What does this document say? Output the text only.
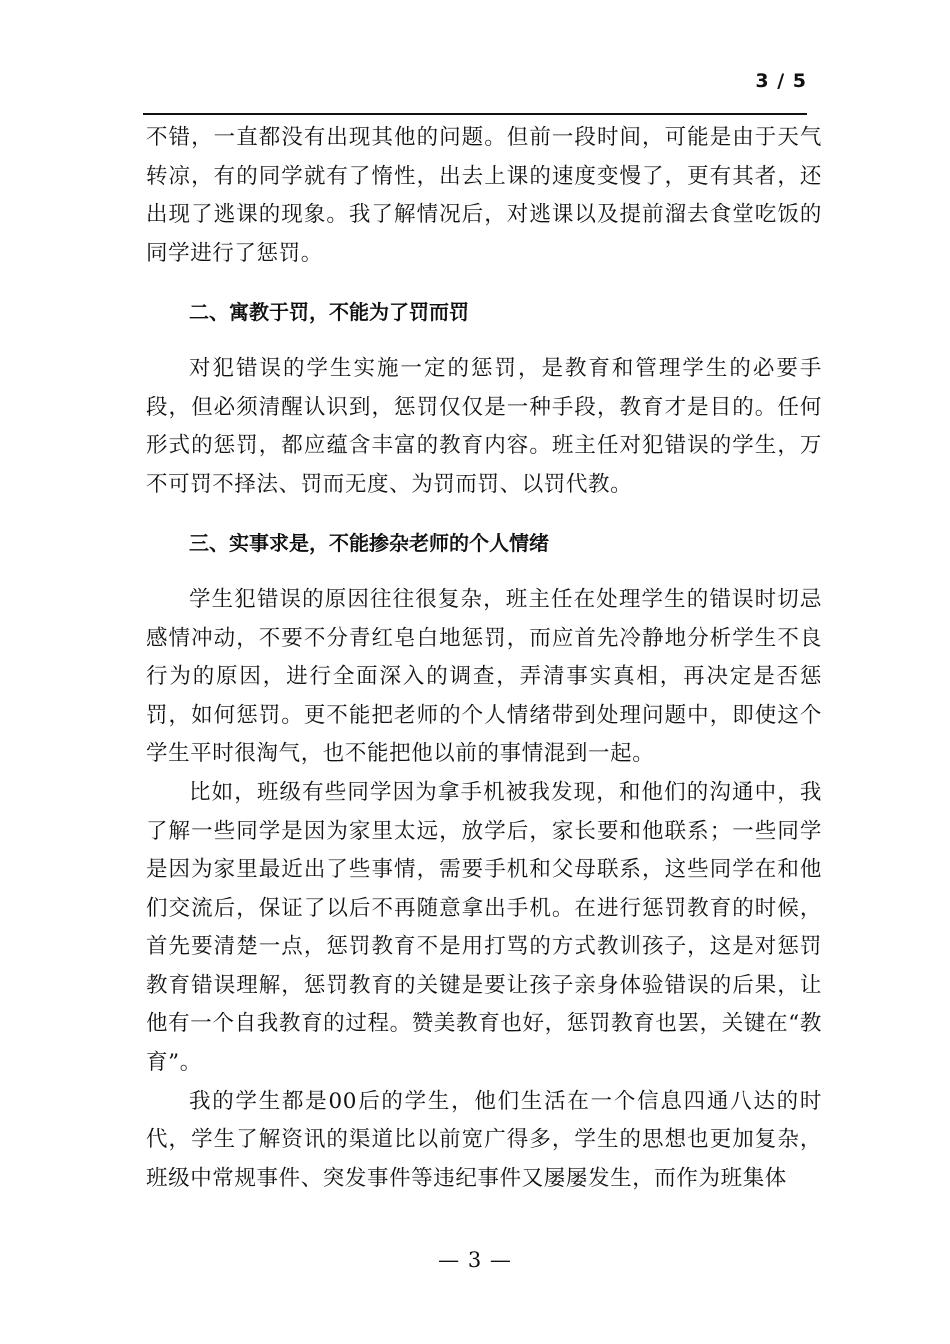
3 / 5

不错，一直都没有出现其他的问题。但前一段时间，可能是由于天气转凉，有的同学就有了惰性，出去上课的速度变慢了，更有其者，还出现了逃课的现象。我了解情况后，对逃课以及提前溜去食堂吃饭的同学进行了惩罚。

二、寓教于罚，不能为了罚而罚

对犯错误的学生实施一定的惩罚，是教育和管理学生的必要手段，但必须清醒认识到，惩罚仅仅是一种手段，教育才是目的。任何形式的惩罚，都应蕴含丰富的教育内容。班主任对犯错误的学生，万不可罚不择法、罚而无度、为罚而罚、以罚代教。

三、实事求是，不能掺杂老师的个人情绪

学生犯错误的原因往往很复杂，班主任在处理学生的错误时切忌感情冲动，不要不分青红皂白地惩罚，而应首先冷静地分析学生不良行为的原因，进行全面深入的调查，弄清事实真相，再决定是否惩罚，如何惩罚。更不能把老师的个人情绪带到处理问题中，即使这个学生平时很淘气，也不能把他以前的事情混到一起。

比如，班级有些同学因为拿手机被我发现，和他们的沟通中，我了解一些同学是因为家里太远，放学后，家长要和他联系；一些同学是因为家里最近出了些事情，需要手机和父母联系，这些同学在和他们交流后，保证了以后不再随意拿出手机。在进行惩罚教育的时候，首先要清楚一点，惩罚教育不是用打骂的方式教训孩子，这是对惩罚教育错误理解，惩罚教育的关键是要让孩子亲身体验错误的后果，让他有一个自我教育的过程。赞美教育也好，惩罚教育也罢，关键在“教育”。

我的学生都是00后的学生，他们生活在一个信息四通八达的时代，学生了解资讯的渠道比以前宽广得多，学生的思想也更加复杂，班级中常规事件、突发事件等违纪事件又屡屡发生，而作为班集体

— 3 —
